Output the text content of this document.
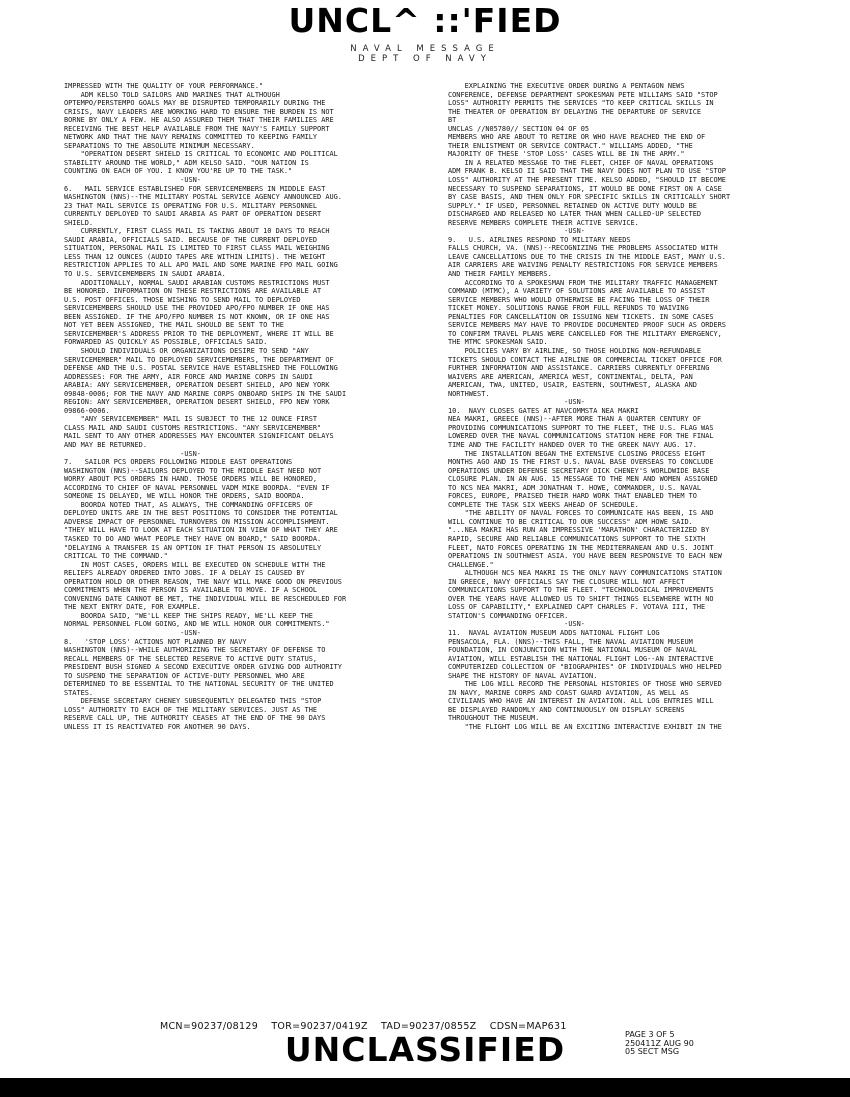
UNCL^ ::'FIED
NAVAL MESSAGE
DEPT OF NAVY
IMPRESSED WITH THE QUALITY OF YOUR PERFORMANCE."
ADM KELSO TOLD SAILORS AND MARINES THAT ALTHOUGH
OPTEMPO/PERSTEMPO GOALS MAY BE DISRUPTED TEMPORARILY DURING THE
CRISIS, NAVY LEADERS ARE WORKING HARD TO ENSURE THE BURDEN IS NOT
BORNE BY ONLY A FEW. HE ALSO ASSURED THEM THAT THEIR FAMILIES ARE
RECEIVING THE BEST HELP AVAILABLE FROM THE NAVY'S FAMILY SUPPORT
NETWORK AND THAT THE NAVY REMAINS COMMITTED TO KEEPING FAMILY
SEPARATIONS TO THE ABSOLUTE MINIMUM NECESSARY.
"OPERATION DESERT SHIELD IS CRITICAL TO ECONOMIC AND POLITICAL
STABILITY AROUND THE WORLD," ADM KELSO SAID. "OUR NATION IS
COUNTING ON EACH OF YOU. I KNOW YOU'RE UP TO THE TASK."
-USN-
6.   MAIL SERVICE ESTABLISHED FOR SERVICEMEMBERS IN MIDDLE EAST
WASHINGTON (NNS)--THE MILITARY POSTAL SERVICE AGENCY ANNOUNCED AUG.
23 THAT MAIL SERVICE IS OPERATING FOR U.S. MILITARY PERSONNEL
CURRENTLY DEPLOYED TO SAUDI ARABIA AS PART OF OPERATION DESERT
SHIELD.
CURRENTLY, FIRST CLASS MAIL IS TAKING ABOUT 10 DAYS TO REACH
SAUDI ARABIA, OFFICIALS SAID. BECAUSE OF THE CURRENT DEPLOYED
SITUATION, PERSONAL MAIL IS LIMITED TO FIRST CLASS MAIL WEIGHING
LESS THAN 12 OUNCES (AUDIO TAPES ARE WITHIN LIMITS). THE WEIGHT
RESTRICTION APPLIES TO ALL APO MAIL AND SOME MARINE FPO MAIL GOING
TO U.S. SERVICEMEMBERS IN SAUDI ARABIA.
ADDITIONALLY, NORMAL SAUDI ARABIAN CUSTOMS RESTRICTIONS MUST
BE HONORED. INFORMATION ON THESE RESTRICTIONS ARE AVAILABLE AT
U.S. POST OFFICES. THOSE WISHING TO SEND MAIL TO DEPLOYED
SERVICEMEMBERS SHOULD USE THE PROVIDED APO/FPO NUMBER IF ONE HAS
BEEN ASSIGNED. IF THE APO/FPO NUMBER IS NOT KNOWN, OR IF ONE HAS
NOT YET BEEN ASSIGNED, THE MAIL SHOULD BE SENT TO THE
SERVICEMEMBER'S ADDRESS PRIOR TO THE DEPLOYMENT, WHERE IT WILL BE
FORWARDED AS QUICKLY AS POSSIBLE, OFFICIALS SAID.
SHOULD INDIVIDUALS OR ORGANIZATIONS DESIRE TO SEND "ANY
SERVICEMEMBER" MAIL TO DEPLOYED SERVICEMEMBERS, THE DEPARTMENT OF
DEFENSE AND THE U.S. POSTAL SERVICE HAVE ESTABLISHED THE FOLLOWING
ADDRESSES: FOR THE ARMY, AIR FORCE AND MARINE CORPS IN SAUDI
ARABIA: ANY SERVICEMEMBER, OPERATION DESERT SHIELD, APO NEW YORK
09848-0006; FOR THE NAVY AND MARINE CORPS ONBOARD SHIPS IN THE SAUDI
REGION: ANY SERVICEMEMBER, OPERATION DESERT SHIELD, FPO NEW YORK
09866-0006.
"ANY SERVICEMEMBER" MAIL IS SUBJECT TO THE 12 OUNCE FIRST
CLASS MAIL AND SAUDI CUSTOMS RESTRICTIONS. "ANY SERVICEMEMBER"
MAIL SENT TO ANY OTHER ADDRESSES MAY ENCOUNTER SIGNIFICANT DELAYS
AND MAY BE RETURNED.
-USN-
7.   SAILOR PCS ORDERS FOLLOWING MIDDLE EAST OPERATIONS
WASHINGTON (NNS)--SAILORS DEPLOYED TO THE MIDDLE EAST NEED NOT
WORRY ABOUT PCS ORDERS IN HAND. THOSE ORDERS WILL BE HONORED,
ACCORDING TO CHIEF OF NAVAL PERSONNEL VADM MIKE BOORDA. "EVEN IF
SOMEONE IS DELAYED, WE WILL HONOR THE ORDERS, SAID BOORDA.
BOORDA NOTED THAT, AS ALWAYS, THE COMMANDING OFFICERS OF
DEPLOYED UNITS ARE IN THE BEST POSITIONS TO CONSIDER THE POTENTIAL
ADVERSE IMPACT OF PERSONNEL TURNOVERS ON MISSION ACCOMPLISHMENT.
"THEY WILL HAVE TO LOOK AT EACH SITUATION IN VIEW OF WHAT THEY ARE
TASKED TO DO AND WHAT PEOPLE THEY HAVE ON BOARD," SAID BOORDA.
"DELAYING A TRANSFER IS AN OPTION IF THAT PERSON IS ABSOLUTELY
CRITICAL TO THE COMMAND."
IN MOST CASES, ORDERS WILL BE EXECUTED ON SCHEDULE WITH THE
RELIEFS ALREADY ORDERED INTO JOBS. IF A DELAY IS CAUSED BY
OPERATION HOLD OR OTHER REASON, THE NAVY WILL MAKE GOOD ON PREVIOUS
COMMITMENTS WHEN THE PERSON IS AVAILABLE TO MOVE. IF A SCHOOL
CONVENING DATE CANNOT BE MET, THE INDIVIDUAL WILL BE RESCHEDULED FOR
THE NEXT ENTRY DATE, FOR EXAMPLE.
BOORDA SAID, "WE'LL KEEP THE SHIPS READY, WE'LL KEEP THE
NORMAL PERSONNEL FLOW GOING, AND WE WILL HONOR OUR COMMITMENTS."
-USN-
8.   'STOP LOSS' ACTIONS NOT PLANNED BY NAVY
WASHINGTON (NNS)--WHILE AUTHORIZING THE SECRETARY OF DEFENSE TO
RECALL MEMBERS OF THE SELECTED RESERVE TO ACTIVE DUTY STATUS,
PRESIDENT BUSH SIGNED A SECOND EXECUTIVE ORDER GIVING DOD AUTHORITY
TO SUSPEND THE SEPARATION OF ACTIVE-DUTY PERSONNEL WHO ARE
DETERMINED TO BE ESSENTIAL TO THE NATIONAL SECURITY OF THE UNITED
STATES.
DEFENSE SECRETARY CHENEY SUBSEQUENTLY DELEGATED THIS "STOP
LOSS" AUTHORITY TO EACH OF THE MILITARY SERVICES. JUST AS THE
RESERVE CALL UP, THE AUTHORITY CEASES AT THE END OF THE 90 DAYS
UNLESS IT IS REACTIVATED FOR ANOTHER 90 DAYS.
EXPLAINING THE EXECUTIVE ORDER DURING A PENTAGON NEWS
CONFERENCE, DEFENSE DEPARTMENT SPOKESMAN PETE WILLIAMS SAID "STOP
LOSS" AUTHORITY PERMITS THE SERVICES "TO KEEP CRITICAL SKILLS IN
THE THEATER OF OPERATION BY DELAYING THE DEPARTURE OF SERVICE
BT
UNCLAS //N05780// SECTION 04 OF 05
MEMBERS WHO ARE ABOUT TO RETIRE OR WHO HAVE REACHED THE END OF
THEIR ENLISTMENT OR SERVICE CONTRACT." WILLIAMS ADDED, "THE
MAJORITY OF THESE 'STOP LOSS' CASES WILL BE IN THE ARMY."
IN A RELATED MESSAGE TO THE FLEET, CHIEF OF NAVAL OPERATIONS
ADM FRANK B. KELSO II SAID THAT THE NAVY DOES NOT PLAN TO USE "STOP
LOSS" AUTHORITY AT THE PRESENT TIME. KELSO ADDED, "SHOULD IT BECOME
NECESSARY TO SUSPEND SEPARATIONS, IT WOULD BE DONE FIRST ON A CASE
BY CASE BASIS, AND THEN ONLY FOR SPECIFIC SKILLS IN CRITICALLY SHORT
SUPPLY." IF USED, PERSONNEL RETAINED ON ACTIVE DUTY WOULD BE
DISCHARGED AND RELEASED NO LATER THAN WHEN CALLED-UP SELECTED
RESERVE MEMBERS COMPLETE THEIR ACTIVE SERVICE.
-USN-
9.   U.S. AIRLINES RESPOND TO MILITARY NEEDS
FALLS CHURCH, VA. (NNS)--RECOGNIZING THE PROBLEMS ASSOCIATED WITH
LEAVE CANCELLATIONS DUE TO THE CRISIS IN THE MIDDLE EAST, MANY U.S.
AIR CARRIERS ARE WAIVING PENALTY RESTRICTIONS FOR SERVICE MEMBERS
AND THEIR FAMILY MEMBERS.
ACCORDING TO A SPOKESMAN FROM THE MILITARY TRAFFIC MANAGEMENT
COMMAND (MTMC), A VARIETY OF SOLUTIONS ARE AVAILABLE TO ASSIST
SERVICE MEMBERS WHO WOULD OTHERWISE BE FACING THE LOSS OF THEIR
TICKET MONEY. SOLUTIONS RANGE FROM FULL REFUNDS TO WAIVING
PENALTIES FOR CANCELLATION OR ISSUING NEW TICKETS. IN SOME CASES
SERVICE MEMBERS MAY HAVE TO PROVIDE DOCUMENTED PROOF SUCH AS ORDERS
TO CONFIRM TRAVEL PLANS WERE CANCELLED FOR THE MILITARY EMERGENCY,
THE MTMC SPOKESMAN SAID.
POLICIES VARY BY AIRLINE, SO THOSE HOLDING NON-REFUNDABLE
TICKETS SHOULD CONTACT THE AIRLINE OR COMMERCIAL TICKET OFFICE FOR
FURTHER INFORMATION AND ASSISTANCE. CARRIERS CURRENTLY OFFERING
WAIVERS ARE AMERICAN, AMERICA WEST, CONTINENTAL, DELTA, PAN
AMERICAN, TWA, UNITED, USAIR, EASTERN, SOUTHWEST, ALASKA AND
NORTHWEST.
-USN-
10.  NAVY CLOSES GATES AT NAVCOMMSTA NEA MAKRI
NEA MAKRI, GREECE (NNS)--AFTER MORE THAN A QUARTER CENTURY OF
PROVIDING COMMUNICATIONS SUPPORT TO THE FLEET, THE U.S. FLAG WAS
LOWERED OVER THE NAVAL COMMUNICATIONS STATION HERE FOR THE FINAL
TIME AND THE FACILITY HANDED OVER TO THE GREEK NAVY AUG. 17.
THE INSTALLATION BEGAN THE EXTENSIVE CLOSING PROCESS EIGHT
MONTHS AGO AND IS THE FIRST U.S. NAVAL BASE OVERSEAS TO CONCLUDE
OPERATIONS UNDER DEFENSE SECRETARY DICK CHENEY'S WORLDWIDE BASE
CLOSURE PLAN. IN AN AUG. 15 MESSAGE TO THE MEN AND WOMEN ASSIGNED
TO NCS NEA MAKRI, ADM JONATHAN T. HOWE, COMMANDER, U.S. NAVAL
FORCES, EUROPE, PRAISED THEIR HARD WORK THAT ENABLED THEM TO
COMPLETE THE TASK SIX WEEKS AHEAD OF SCHEDULE.
"THE ABILITY OF NAVAL FORCES TO COMMUNICATE HAS BEEN, IS AND
WILL CONTINUE TO BE CRITICAL TO OUR SUCCESS" ADM HOWE SAID.
"...NEA MAKRI HAS RUN AN IMPRESSIVE 'MARATHON' CHARACTERIZED BY
RAPID, SECURE AND RELIABLE COMMUNICATIONS SUPPORT TO THE SIXTH
FLEET, NATO FORCES OPERATING IN THE MEDITERRANEAN AND U.S. JOINT
OPERATIONS IN SOUTHWEST ASIA. YOU HAVE BEEN RESPONSIVE TO EACH NEW
CHALLENGE."
ALTHOUGH NCS NEA MAKRI IS THE ONLY NAVY COMMUNICATIONS STATION
IN GREECE, NAVY OFFICIALS SAY THE CLOSURE WILL NOT AFFECT
COMMUNICATIONS SUPPORT TO THE FLEET. "TECHNOLOGICAL IMPROVEMENTS
OVER THE YEARS HAVE ALLOWED US TO SHIFT THINGS ELSEWHERE WITH NO
LOSS OF CAPABILITY," EXPLAINED CAPT CHARLES F. VOTAVA III, THE
STATION'S COMMANDING OFFICER.
-USN-
11.  NAVAL AVIATION MUSEUM ADDS NATIONAL FLIGHT LOG
PENSACOLA, FLA. (NNS)--THIS FALL, THE NAVAL AVIATION MUSEUM
FOUNDATION, IN CONJUNCTION WITH THE NATIONAL MUSEUM OF NAVAL
AVIATION, WILL ESTABLISH THE NATIONAL FLIGHT LOG--AN INTERACTIVE
COMPUTERIZED COLLECTION OF "BIOGRAPHIES" OF INDIVIDUALS WHO HELPED
SHAPE THE HISTORY OF NAVAL AVIATION.
THE LOG WILL RECORD THE PERSONAL HISTORIES OF THOSE WHO SERVED
IN NAVY, MARINE CORPS AND COAST GUARD AVIATION, AS WELL AS
CIVILIANS WHO HAVE AN INTEREST IN AVIATION. ALL LOG ENTRIES WILL
BE DISPLAYED RANDOMLY AND CONTINUOUSLY ON DISPLAY SCREENS
THROUGHOUT THE MUSEUM.
"THE FLIGHT LOG WILL BE AN EXCITING INTERACTIVE EXHIBIT IN THE
MCN=90237/08129    TOR=90237/0419Z    TAD=90237/0855Z    CDSN=MAP631
UNCLASSIFIED	PAGE 3 OF 5
250411Z AUG 90
05 SECT MSG
